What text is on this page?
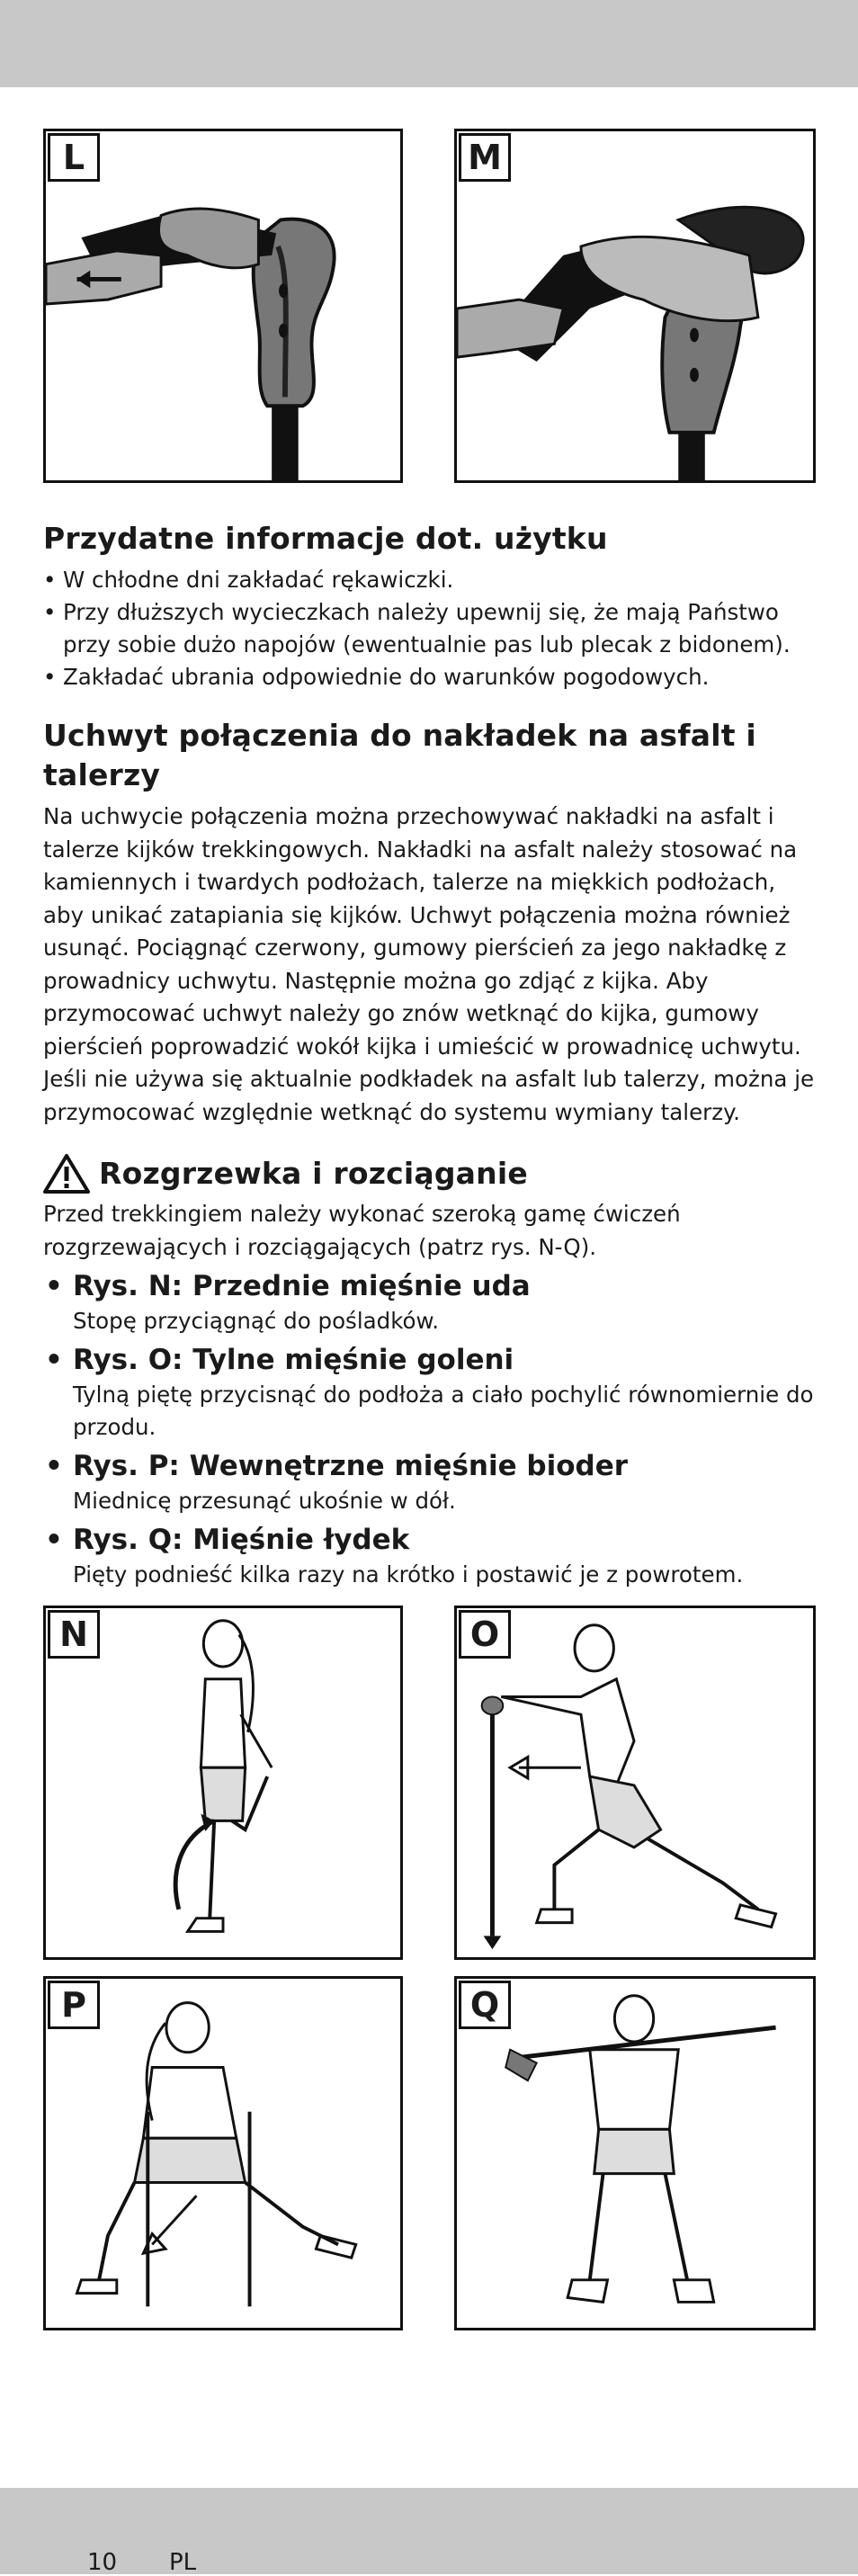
L	M
Przydatne informacje dot. użytku
• W chłodne dni zakładać rękawiczki.
• Przy dłuższych wycieczkach należy upewnij się, że mają Państwo przy sobie dużo napojów (ewentualnie pas lub plecak z bidonem).
• Zakładać ubrania odpowiednie do warunków pogodowych.
Uchwyt połączenia do nakładek na asfalt i talerzy

Na uchwycie połączenia można przechowywać nakładki na asfalt i talerze kijków trekkingowych. Nakładki na asfalt należy stosować na kamiennych i twardych podłożach, talerze na miękkich podłożach, aby unikać zatapiania się kijków. Uchwyt połączenia można również usunąć. Pociągnąć czerwony, gumowy pierścień za jego nakładkę z prowadnicy uchwytu. Następnie można go zdjąć z kijka. Aby przymocować uchwyt należy go znów wetknąć do kijka, gumowy pierścień poprowadzić wokół kijka i umieścić w prowadnicę uchwytu. Jeśli nie używa się aktualnie podkładek na asfalt lub talerzy, można je przymocować względnie wetknąć do systemu wymiany talerzy.

Rozgrzewka i rozciąganie

Przed trekkingiem należy wykonać szeroką gamę ćwiczeń rozgrzewających i rozciągających (patrz rys. N-Q).

• Rys. N: Przednie mięśnie uda
Stopę przyciągnąć do pośladków.
• Rys. O: Tylne mięśnie goleni
Tylną piętę przycisnąć do podłoża a ciało pochylić równomiernie do przodu.
• Rys. P: Wewnętrzne mięśnie bioder
Miednicę przesunąć ukośnie w dół.
• Rys. Q: Mięśnie łydek
Pięty podnieść kilka razy na krótko i postawić je z powrotem.
N	O
P	Q
10 PL
